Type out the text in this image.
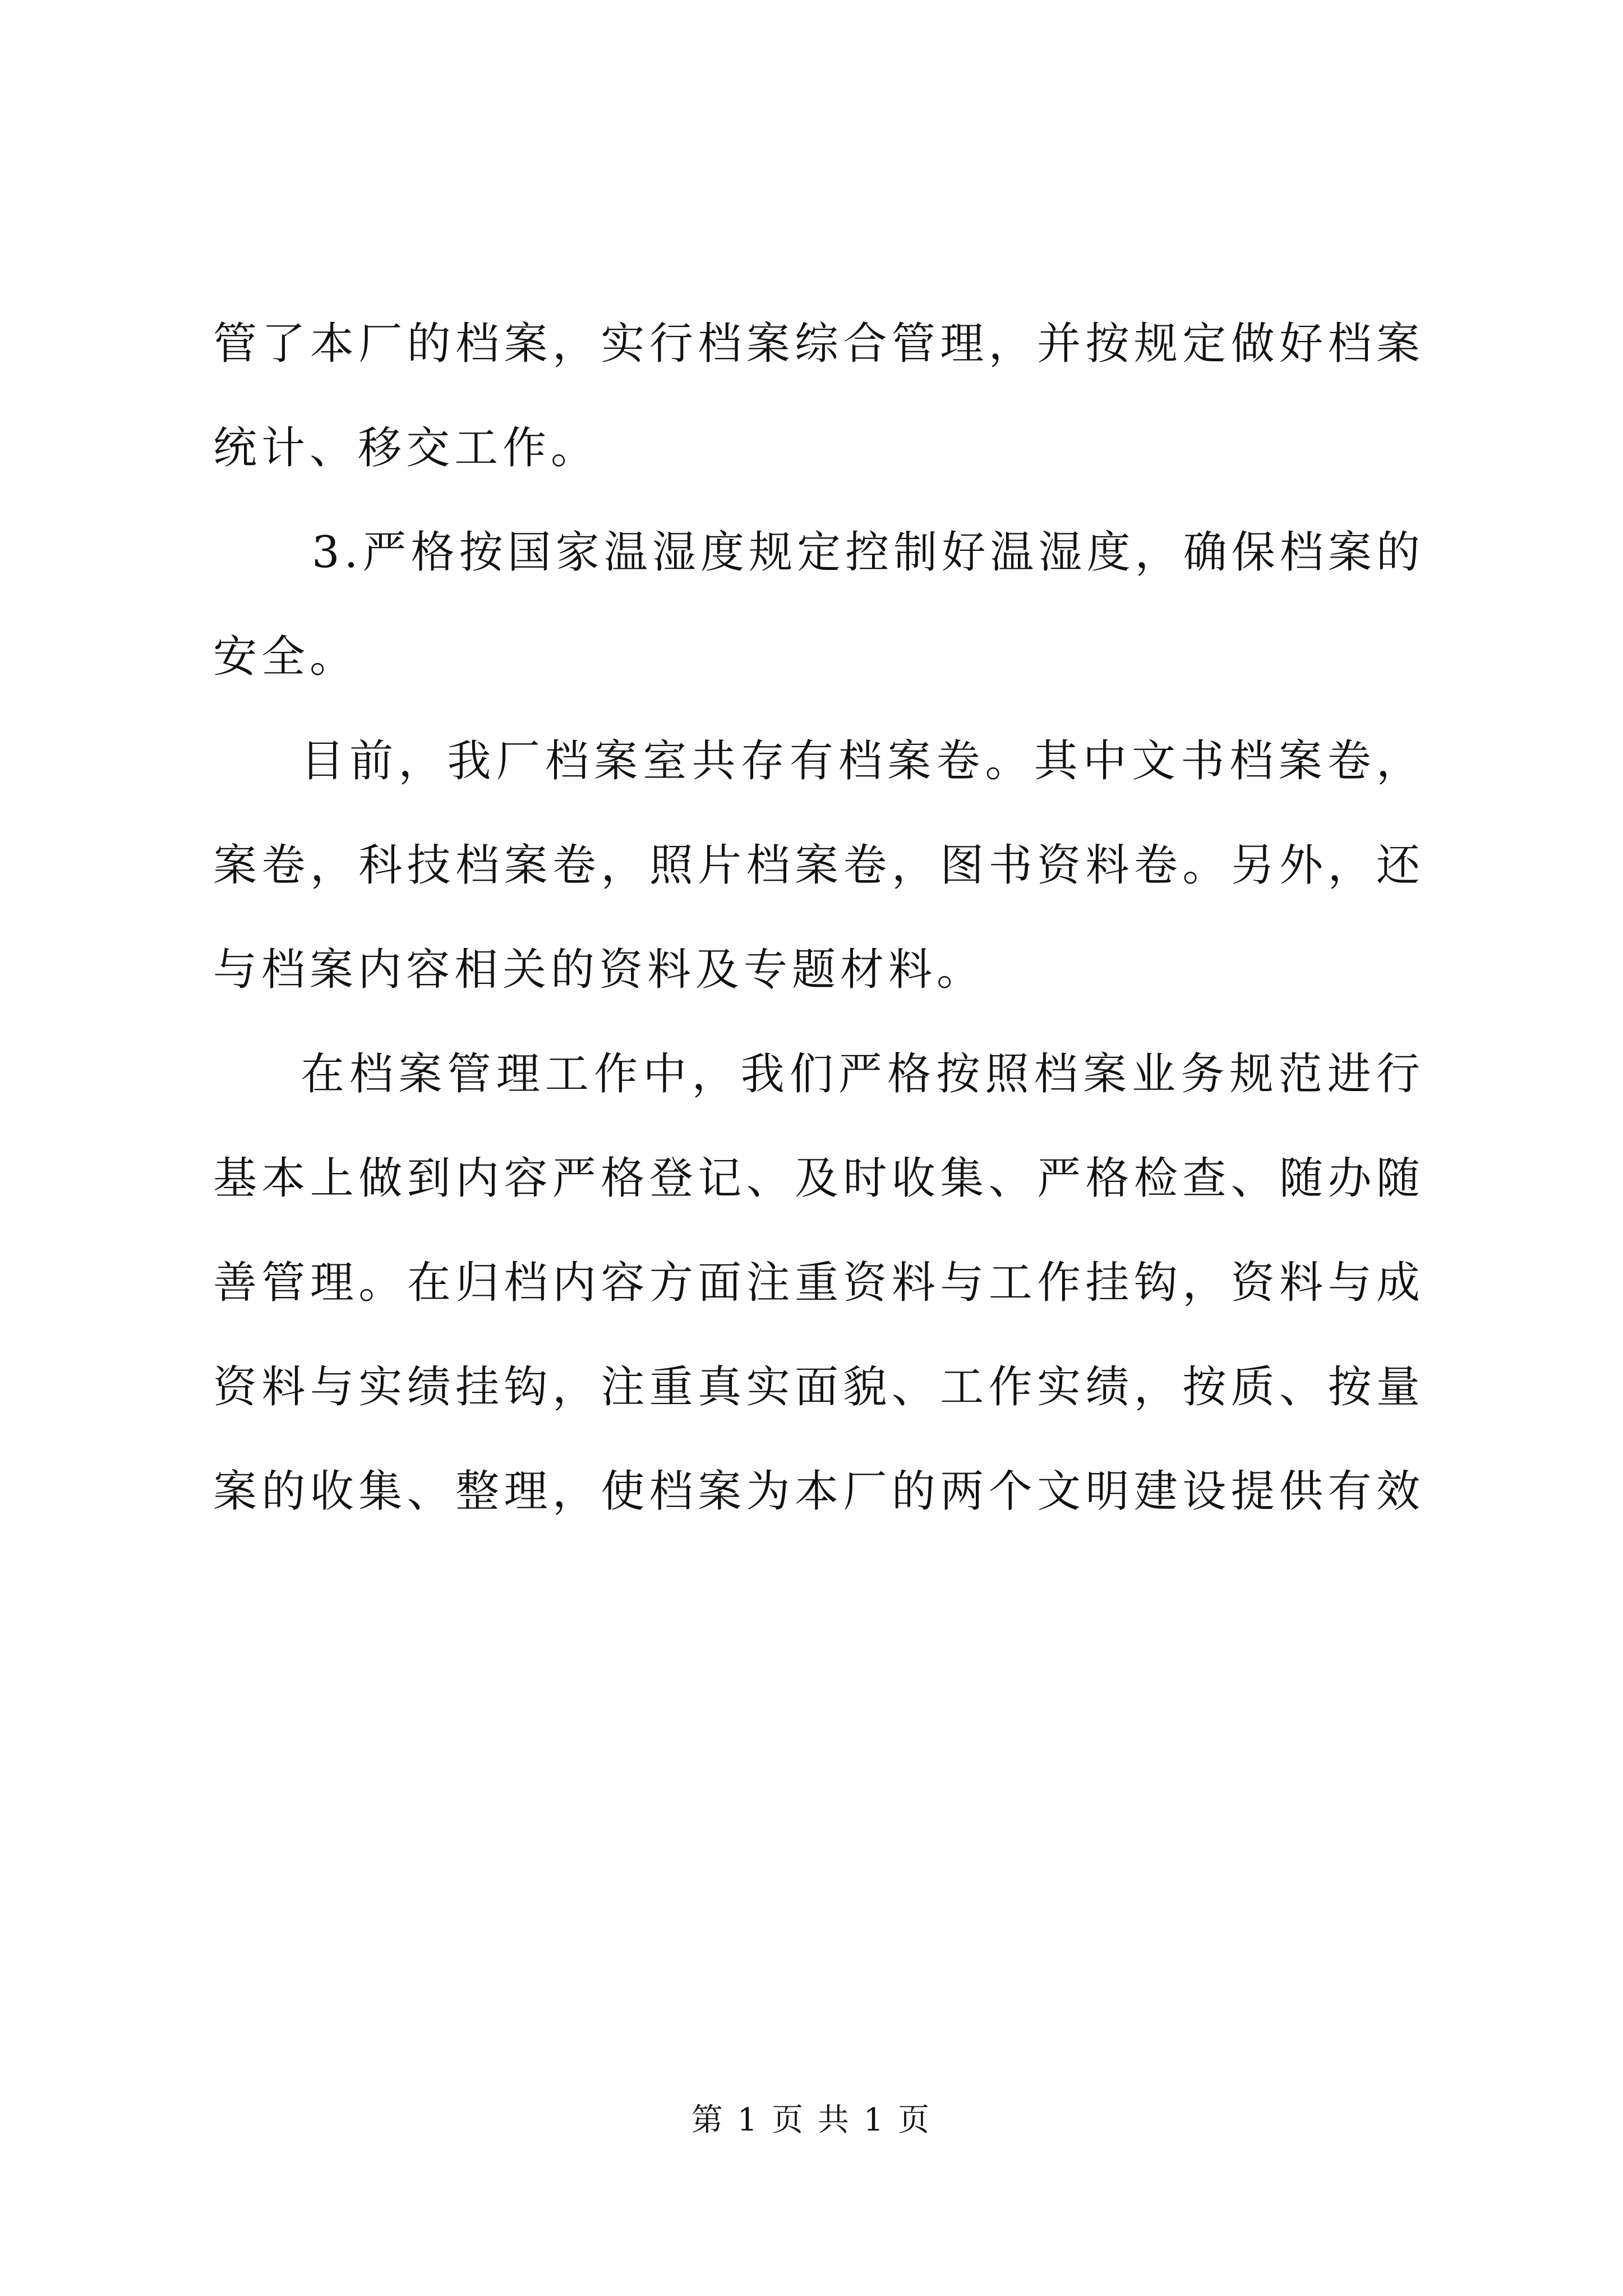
管了本厂的档案，实行档案综合管理，并按规定做好档案
统计、移交工作。
3.严格按国家温湿度规定控制好温湿度，确保档案的
安全。
目前，我厂档案室共存有档案卷。其中文书档案卷，
案卷，科技档案卷，照片档案卷，图书资料卷。另外，还
与档案内容相关的资料及专题材料。
在档案管理工作中，我们严格按照档案业务规范进行
基本上做到内容严格登记、及时收集、严格检查、随办随
善管理。在归档内容方面注重资料与工作挂钩，资料与成
资料与实绩挂钩，注重真实面貌、工作实绩，按质、按量
案的收集、整理，使档案为本厂的两个文明建设提供有效
第 1 页 共 1 页
